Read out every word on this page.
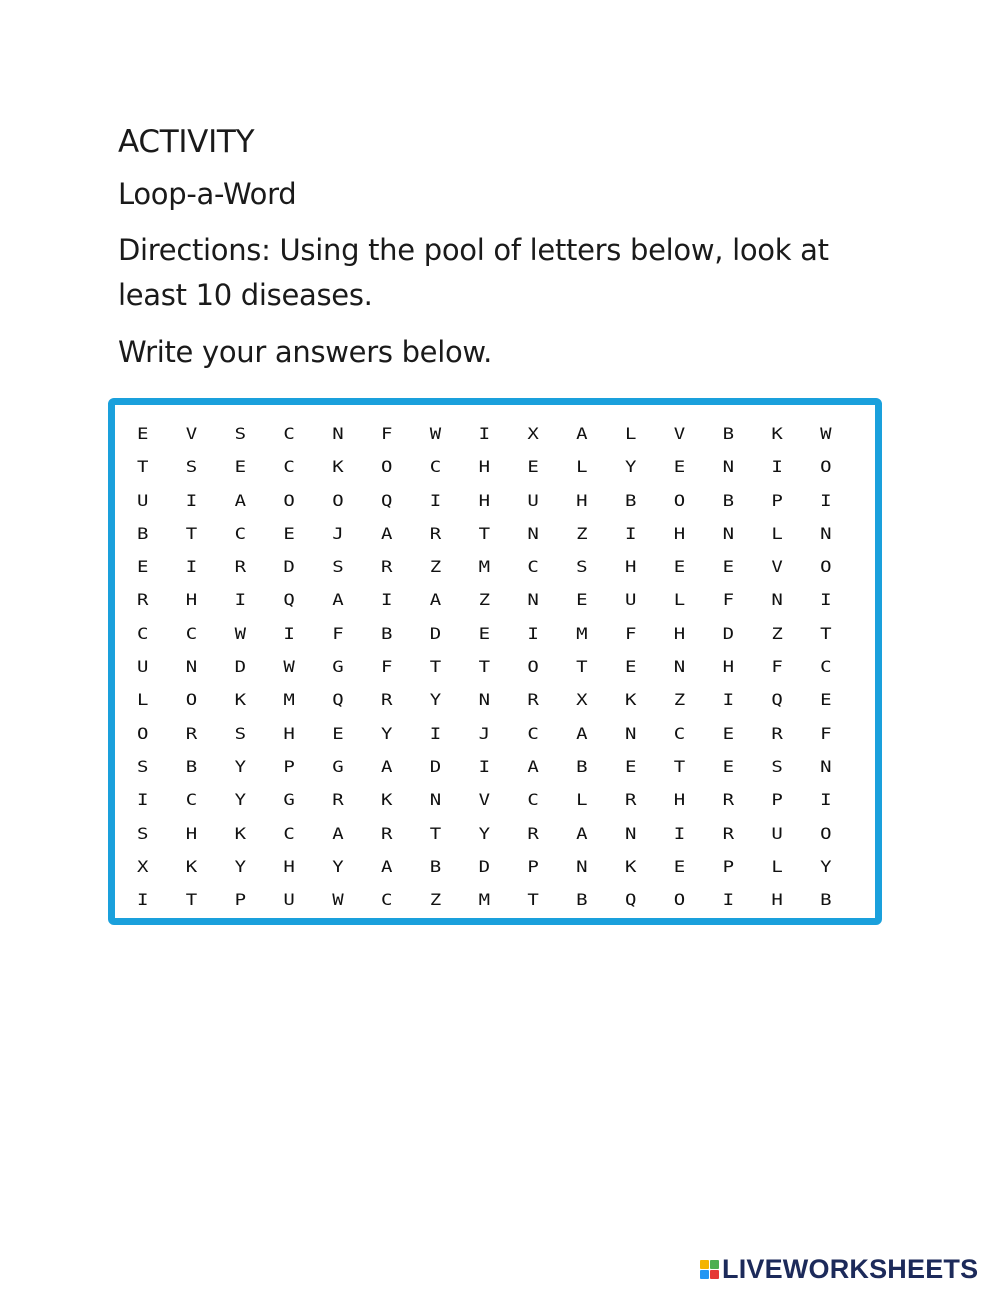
ACTIVITY
Loop-a-Word
Directions: Using the pool of letters below, look at least 10 diseases.
Write your answers below.
E	V	S	C	N	F	W	I	X	A	L	V	B	K	W
T	S	E	C	K	O	C	H	E	L	Y	E	N	I	O
U	I	A	O	O	Q	I	H	U	H	B	O	B	P	I
B	T	C	E	J	A	R	T	N	Z	I	H	N	L	N
E	I	R	D	S	R	Z	M	C	S	H	E	E	V	O
R	H	I	Q	A	I	A	Z	N	E	U	L	F	N	I
C	C	W	I	F	B	D	E	I	M	F	H	D	Z	T
U	N	D	W	G	F	T	T	O	T	E	N	H	F	C
L	O	K	M	Q	R	Y	N	R	X	K	Z	I	Q	E
O	R	S	H	E	Y	I	J	C	A	N	C	E	R	F
S	B	Y	P	G	A	D	I	A	B	E	T	E	S	N
I	C	Y	G	R	K	N	V	C	L	R	H	R	P	I
S	H	K	C	A	R	T	Y	R	A	N	I	R	U	O
X	K	Y	H	Y	A	B	D	P	N	K	E	P	L	Y
I	T	P	U	W	C	Z	M	T	B	Q	O	I	H	B
LIVEWORKSHEETS
